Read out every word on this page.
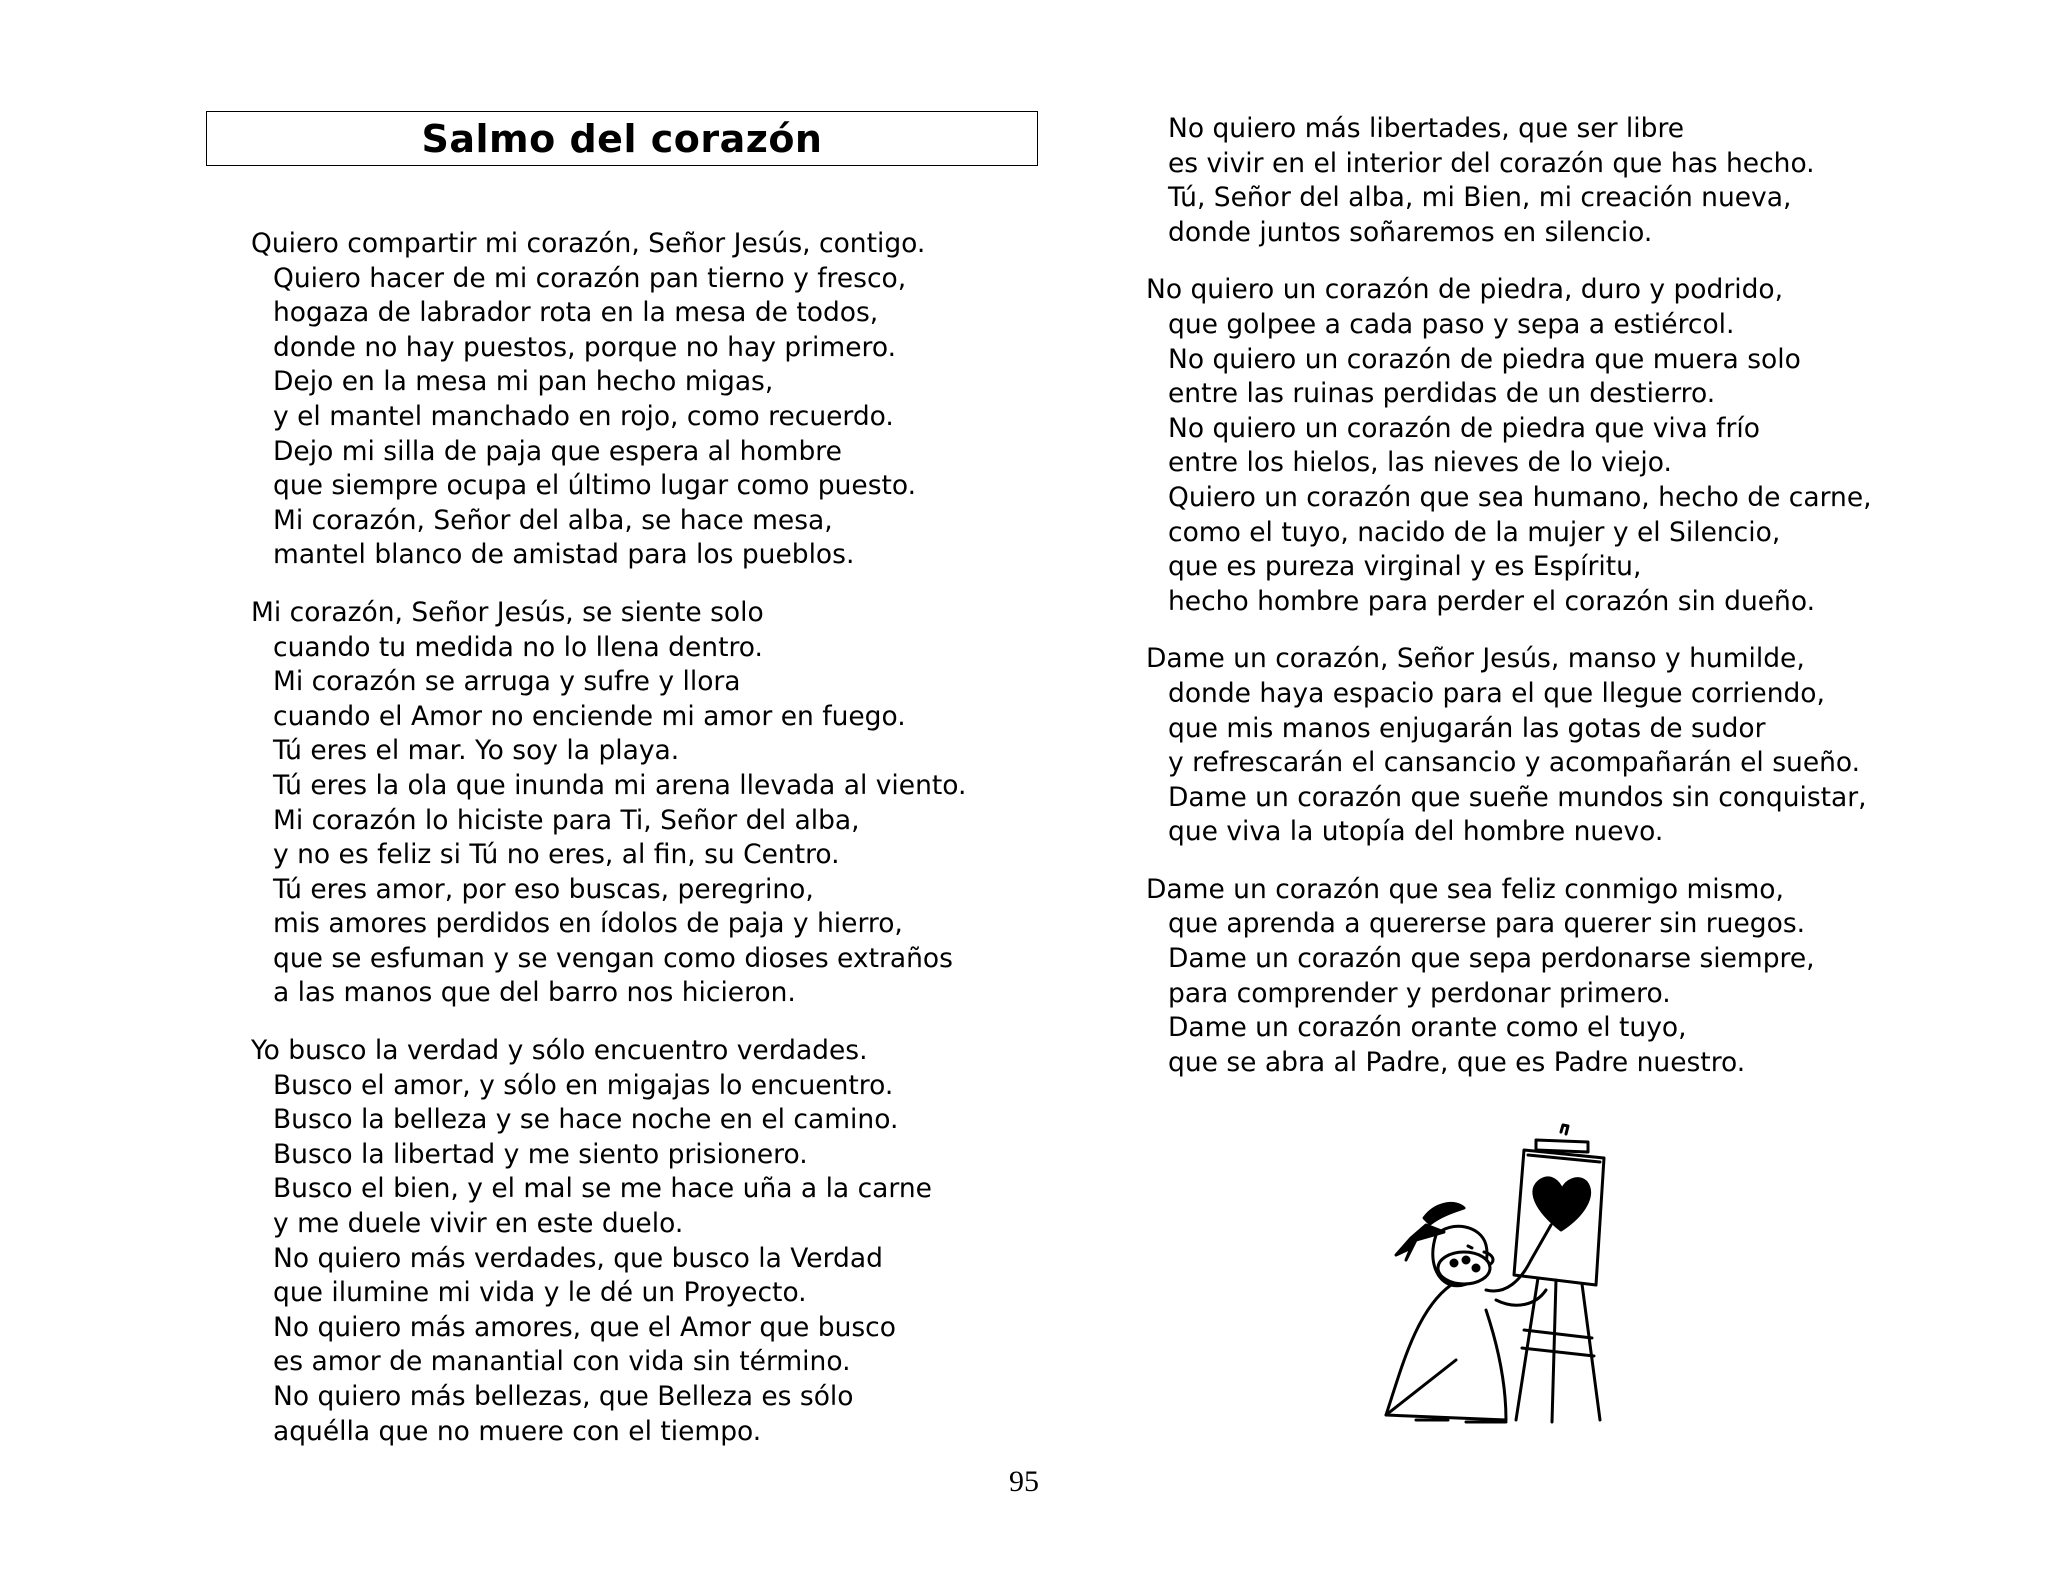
Salmo del corazón
Quiero compartir mi corazón, Señor Jesús, contigo.
Quiero hacer de mi corazón pan tierno y fresco,
hogaza de labrador rota en la mesa de todos,
donde no hay puestos, porque no hay primero.
Dejo en la mesa mi pan hecho migas,
y el mantel manchado en rojo, como recuerdo.
Dejo mi silla de paja que espera al hombre
que siempre ocupa el último lugar como puesto.
Mi corazón, Señor del alba, se hace mesa,
mantel blanco de amistad para los pueblos.
Mi corazón, Señor Jesús, se siente solo
cuando tu medida no lo llena dentro.
Mi corazón se arruga y sufre y llora
cuando el Amor no enciende mi amor en fuego.
Tú eres el mar. Yo soy la playa.
Tú eres la ola que inunda mi arena llevada al viento.
Mi corazón lo hiciste para Ti, Señor del alba,
y no es feliz si Tú no eres, al fin, su Centro.
Tú eres amor, por eso buscas, peregrino,
mis amores perdidos en ídolos de paja y hierro,
que se esfuman y se vengan como dioses extraños
a las manos que del barro nos hicieron.
Yo busco la verdad y sólo encuentro verdades.
Busco el amor, y sólo en migajas lo encuentro.
Busco la belleza y se hace noche en el camino.
Busco la libertad y me siento prisionero.
Busco el bien, y el mal se me hace uña a la carne
y me duele vivir en este duelo.
No quiero más verdades, que busco la Verdad
que ilumine mi vida y le dé un Proyecto.
No quiero más amores, que el Amor que busco
es amor de manantial con vida sin término.
No quiero más bellezas, que Belleza es sólo
aquélla que no muere con el tiempo.
No quiero más libertades, que ser libre
es vivir en el interior del corazón que has hecho.
Tú, Señor del alba, mi Bien, mi creación nueva,
donde juntos soñaremos en silencio.
No quiero un corazón de piedra, duro y podrido,
que golpee a cada paso y sepa a estiércol.
No quiero un corazón de piedra que muera solo
entre las ruinas perdidas de un destierro.
No quiero un corazón de piedra que viva frío
entre los hielos, las nieves de lo viejo.
Quiero un corazón que sea humano, hecho de carne,
como el tuyo, nacido de la mujer y el Silencio,
que es pureza virginal y es Espíritu,
hecho hombre para perder el corazón sin dueño.
Dame un corazón, Señor Jesús, manso y humilde,
donde haya espacio para el que llegue corriendo,
que mis manos enjugarán las gotas de sudor
y refrescarán el cansancio y acompañarán el sueño.
Dame un corazón que sueñe mundos sin conquistar,
que viva la utopía del hombre nuevo.
Dame un corazón que sea feliz conmigo mismo,
que aprenda a quererse para querer sin ruegos.
Dame un corazón que sepa perdonarse siempre,
para comprender y perdonar primero.
Dame un corazón orante como el tuyo,
que se abra al Padre, que es Padre nuestro.
95
